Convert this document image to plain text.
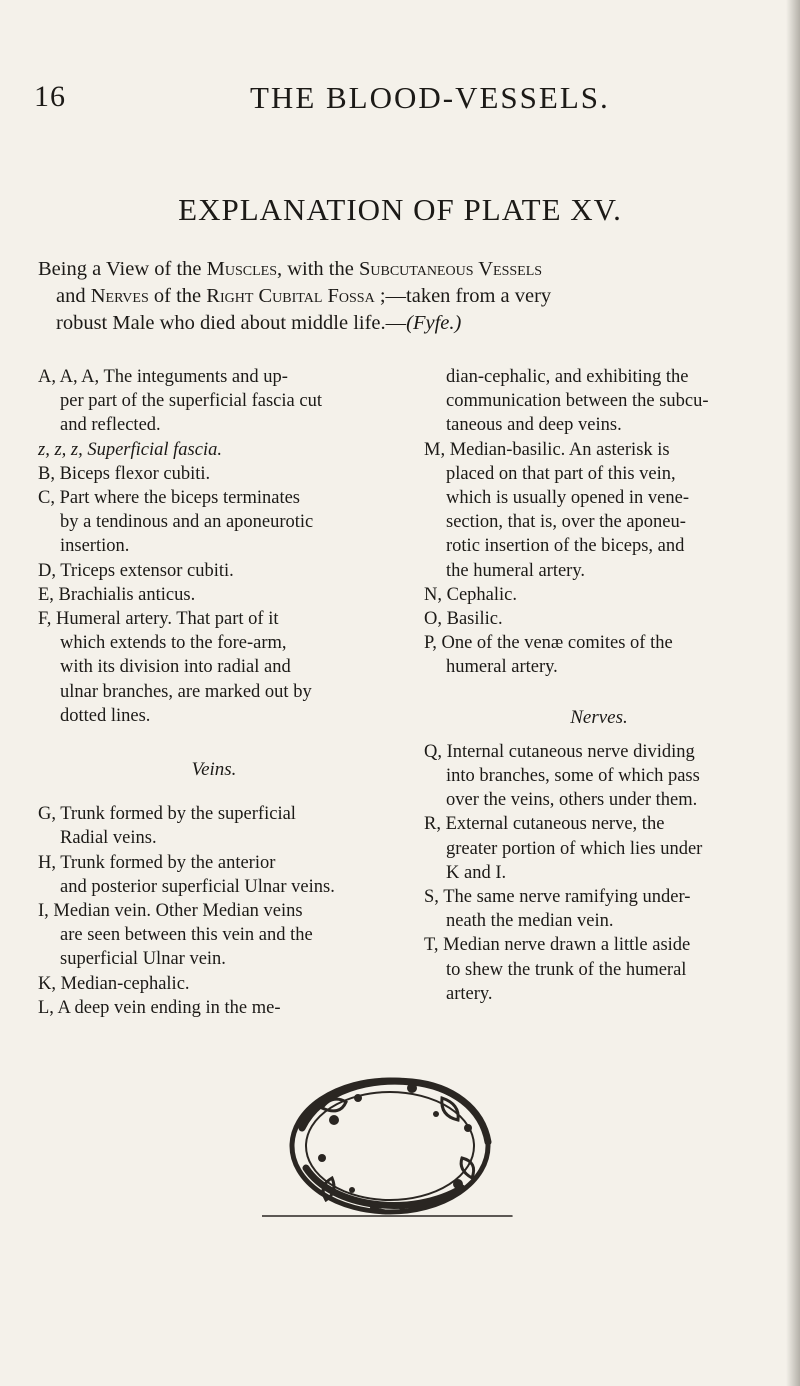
16	THE BLOOD-VESSELS.
EXPLANATION OF PLATE XV.
Being a View of the Muscles, with the Subcutaneous Vessels
and Nerves of the Right Cubital Fossa ;—taken from a very
robust Male who died about middle life.—(Fyfe.)

A, A, A, The integuments and up-
per part of the superficial fascia cut
and reflected.

z, z, z, Superficial fascia.

B, Biceps flexor cubiti.

C, Part where the biceps terminates
by a tendinous and an aponeurotic
insertion.

D, Triceps extensor cubiti.

E, Brachialis anticus.

F, Humeral artery. That part of it
which extends to the fore-arm,
with its division into radial and
ulnar branches, are marked out by
dotted lines.

Veins.

G, Trunk formed by the superficial
Radial veins.

H, Trunk formed by the anterior
and posterior superficial Ulnar veins.

I, Median vein. Other Median veins
are seen between this vein and the
superficial Ulnar vein.

K, Median-cephalic.

L, A deep vein ending in the me-

dian-cephalic, and exhibiting the
communication between the subcu-
taneous and deep veins.

M, Median-basilic. An asterisk is
placed on that part of this vein,
which is usually opened in vene-
section, that is, over the aponeu-
rotic insertion of the biceps, and
the humeral artery.

N, Cephalic.

O, Basilic.

P, One of the venæ comites of the
humeral artery.

Nerves.

Q, Internal cutaneous nerve dividing
into branches, some of which pass
over the veins, others under them.

R, External cutaneous nerve, the
greater portion of which lies under
K and I.

S, The same nerve ramifying under-
neath the median vein.

T, Median nerve drawn a little aside
to shew the trunk of the humeral
artery.
